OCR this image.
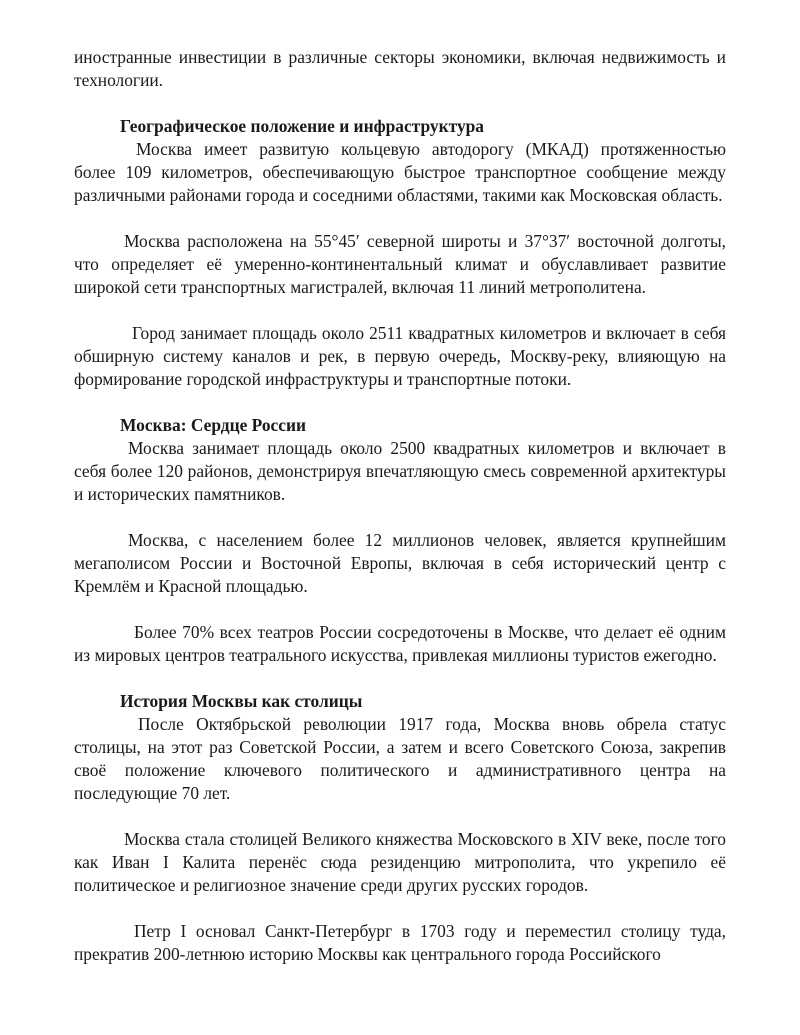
иностранные инвестиции в различные секторы экономики, включая недвижимость и технологии.

Географическое положение и инфраструктура

Москва имеет развитую кольцевую автодорогу (МКАД) протяженностью более 109 километров, обеспечивающую быстрое транспортное сообщение между различными районами города и соседними областями, такими как Московская область.

Москва расположена на 55°45′ северной широты и 37°37′ восточной долготы, что определяет её умеренно-континентальный климат и обуславливает развитие широкой сети транспортных магистралей, включая 11 линий метрополитена.

Город занимает площадь около 2511 квадратных километров и включает в себя обширную систему каналов и рек, в первую очередь, Москву-реку, влияющую на формирование городской инфраструктуры и транспортные потоки.

Москва: Сердце России

Москва занимает площадь около 2500 квадратных километров и включает в себя более 120 районов, демонстрируя впечатляющую смесь современной архитектуры и исторических памятников.

Москва, с населением более 12 миллионов человек, является крупнейшим мегаполисом России и Восточной Европы, включая в себя исторический центр с Кремлём и Красной площадью.

Более 70% всех театров России сосредоточены в Москве, что делает её одним из мировых центров театрального искусства, привлекая миллионы туристов ежегодно.

История Москвы как столицы

После Октябрьской революции 1917 года, Москва вновь обрела статус столицы, на этот раз Советской России, а затем и всего Советского Союза, закрепив своё положение ключевого политического и административного центра на последующие 70 лет.

Москва стала столицей Великого княжества Московского в XIV веке, после того как Иван I Калита перенёс сюда резиденцию митрополита, что укрепило её политическое и религиозное значение среди других русских городов.

Петр I основал Санкт-Петербург в 1703 году и переместил столицу туда, прекратив 200-летнюю историю Москвы как центрального города Российского
